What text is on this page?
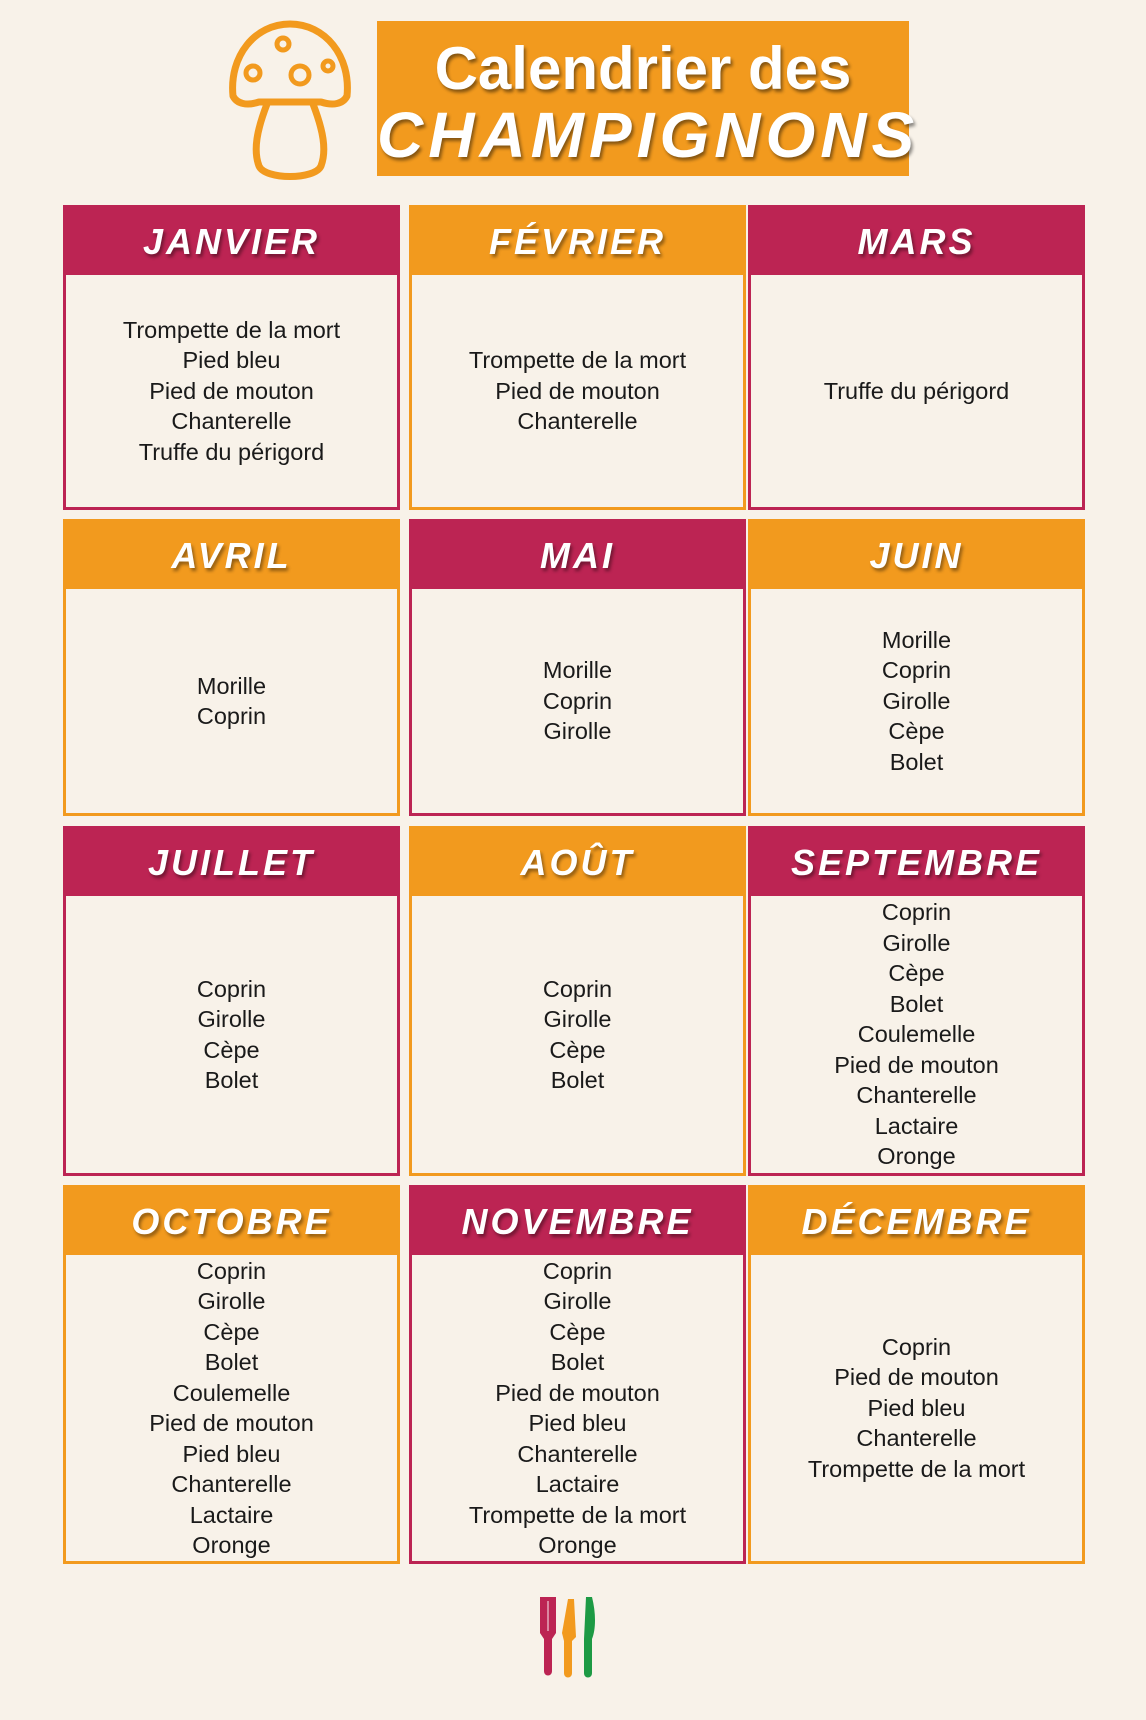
Calendrier des
CHAMPIGNONS
JANVIER
Trompette de la mort
Pied bleu
Pied de mouton
Chanterelle
Truffe du périgord
FÉVRIER
Trompette de la mort
Pied de mouton
Chanterelle
MARS
Truffe du périgord
AVRIL
Morille
Coprin
MAI
Morille
Coprin
Girolle
JUIN
Morille
Coprin
Girolle
Cèpe
Bolet
JUILLET
Coprin
Girolle
Cèpe
Bolet
AOÛT
Coprin
Girolle
Cèpe
Bolet
SEPTEMBRE
Coprin
Girolle
Cèpe
Bolet
Coulemelle
Pied de mouton
Chanterelle
Lactaire
Oronge
OCTOBRE
Coprin
Girolle
Cèpe
Bolet
Coulemelle
Pied de mouton
Pied bleu
Chanterelle
Lactaire
Oronge
NOVEMBRE
Coprin
Girolle
Cèpe
Bolet
Pied de mouton
Pied bleu
Chanterelle
Lactaire
Trompette de la mort
Oronge
DÉCEMBRE
Coprin
Pied de mouton
Pied bleu
Chanterelle
Trompette de la mort
